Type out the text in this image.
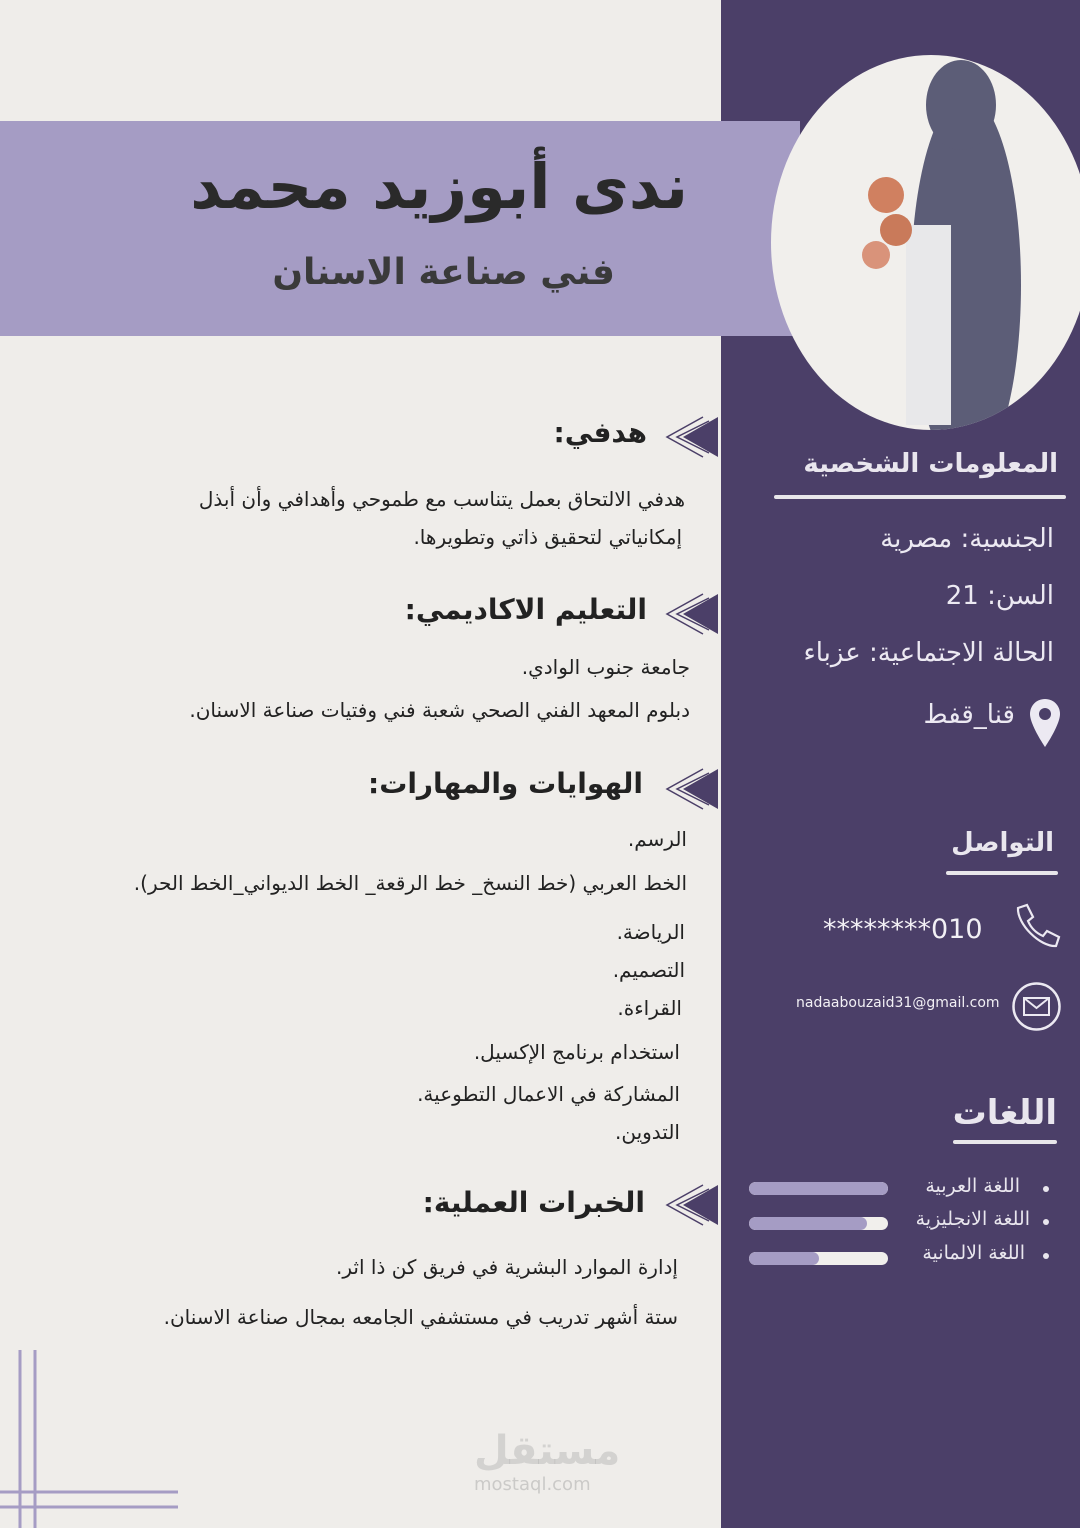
ندى أبوزيد محمد
فني صناعة الاسنان
هدفي:
هدفي الالتحاق بعمل يتناسب مع طموحي وأهدافي وأن أبذل
إمكانياتي لتحقيق ذاتي وتطويرها.
التعليم الاكاديمي:
جامعة جنوب الوادي.
دبلوم المعهد الفني الصحي شعبة فني وفتيات صناعة الاسنان.
الهوايات والمهارات:
الرسم.
الخط العربي (خط النسخ_ خط الرقعة_ الخط الديواني_الخط الحر).
الرياضة.
التصميم.
القراءة.
استخدام برنامج الإكسيل.
المشاركة في الاعمال التطوعية.
التدوين.
الخبرات العملية:
إدارة الموارد البشرية في فريق كن ذا اثر.
ستة أشهر تدريب في مستشفي الجامعه بمجال صناعة الاسنان.
المعلومات الشخصية
الجنسية: مصرية
السن: 21
الحالة الاجتماعية: عزباء
قنا_قفط
التواصل
010********
nadaabouzaid31@gmail.com
اللغات
اللغة العربية
اللغة الانجليزية
اللغة الالمانية
مستقل
mostaql.com
